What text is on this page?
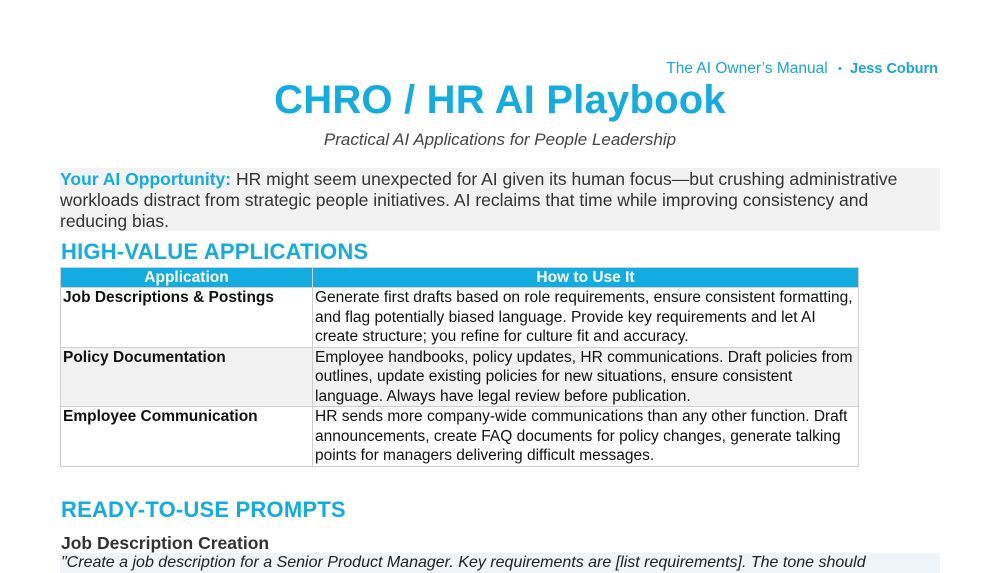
The AI Owner’s Manual • Jess Coburn
CHRO / HR AI Playbook
Practical AI Applications for People Leadership
Your AI Opportunity: HR might seem unexpected for AI given its human focus—but crushing administrative workloads distract from strategic people initiatives. AI reclaims that time while improving consistency and reducing bias.
HIGH-VALUE APPLICATIONS
Application	How to Use It
Job Descriptions & Postings	Generate first drafts based on role requirements, ensure consistent formatting, and flag potentially biased language. Provide key requirements and let AI create structure; you refine for culture fit and accuracy.
Policy Documentation	Employee handbooks, policy updates, HR communications. Draft policies from outlines, update existing policies for new situations, ensure consistent language. Always have legal review before publication.
Employee Communication	HR sends more company-wide communications than any other function. Draft announcements, create FAQ documents for policy changes, generate talking points for managers delivering difficult messages.
READY-TO-USE PROMPTS
Job Description Creation
"Create a job description for a Senior Product Manager. Key requirements are [list requirements]. The tone should
